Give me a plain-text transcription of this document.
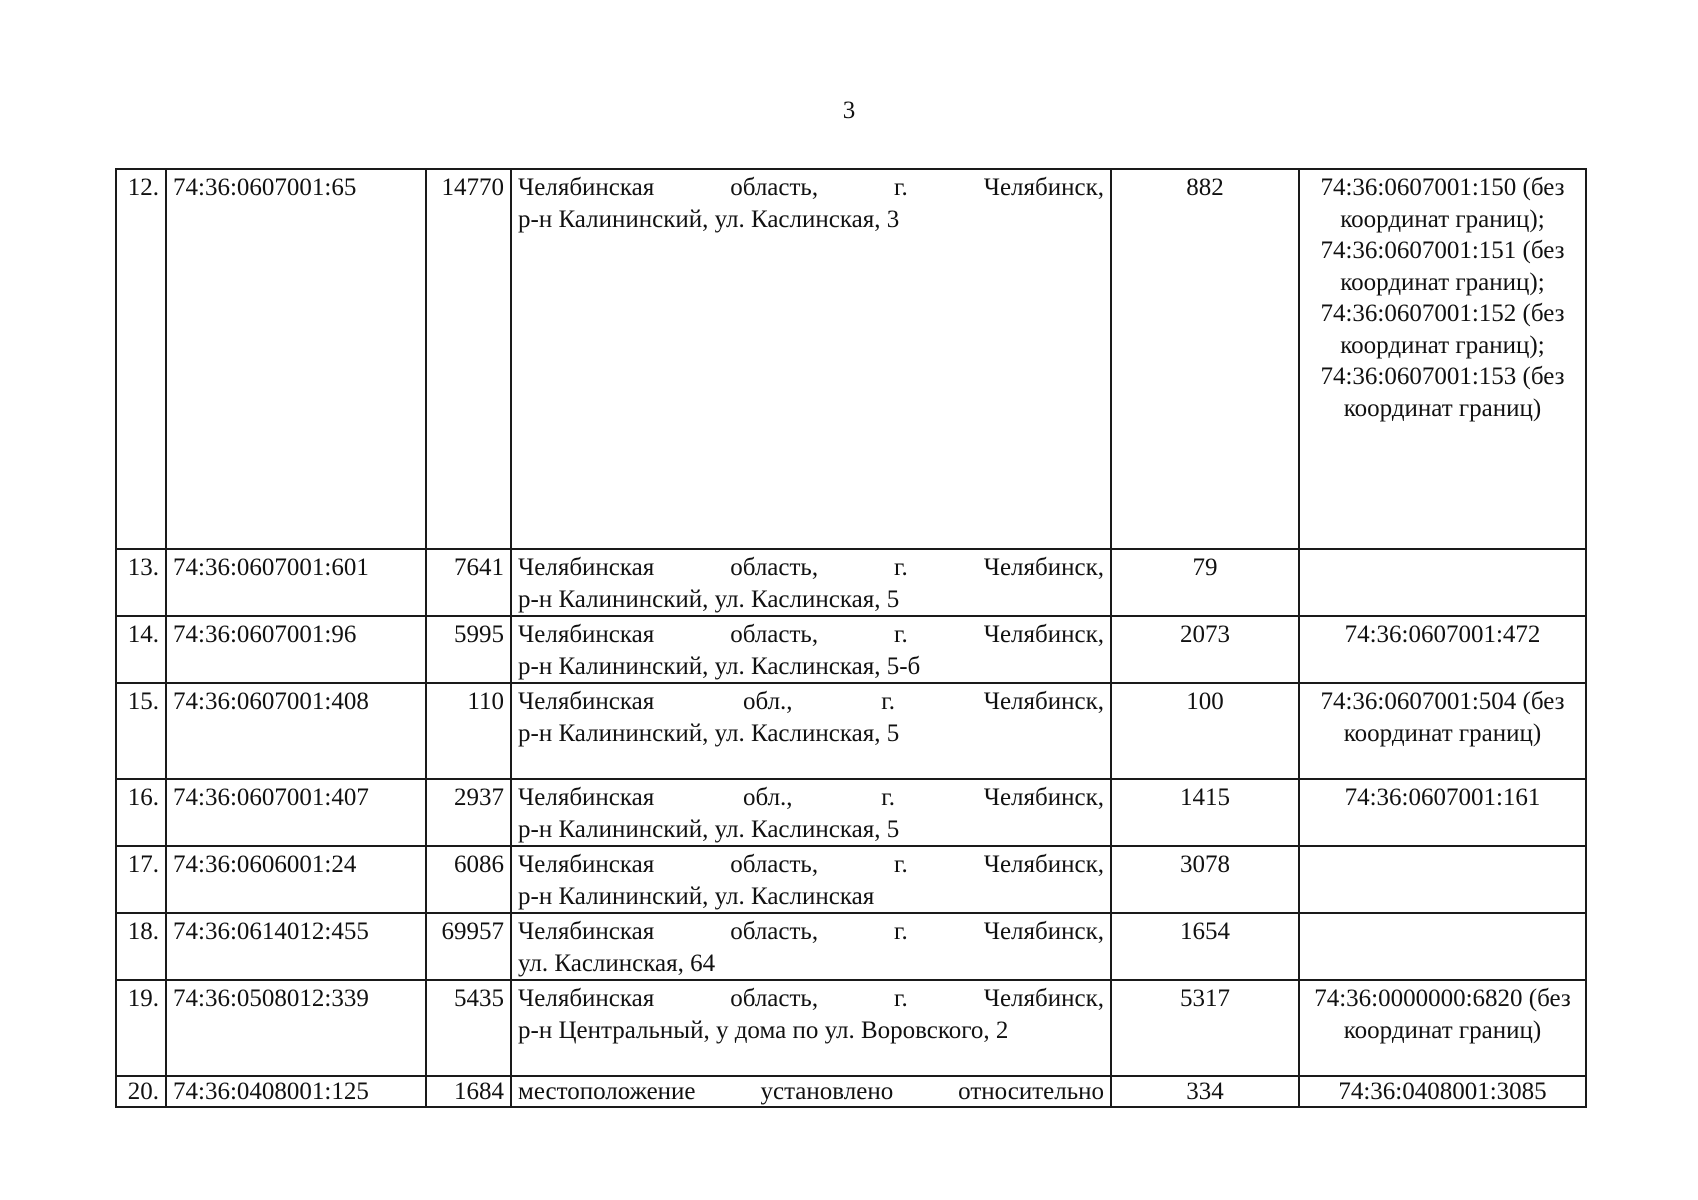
3
12.	74:36:0607001:65	14770	Челябинская область, г. Челябинск,
р-н Калининский, ул. Каслинская, 3	882	74:36:0607001:150 (без координат границ); 74:36:0607001:151 (без координат границ); 74:36:0607001:152 (без координат границ); 74:36:0607001:153 (без координат границ)
13.	74:36:0607001:601	7641	Челябинская область, г. Челябинск,
р-н Калининский, ул. Каслинская, 5	79	
14.	74:36:0607001:96	5995	Челябинская область, г. Челябинск,
р-н Калининский, ул. Каслинская, 5-б	2073	74:36:0607001:472
15.	74:36:0607001:408	110	Челябинская обл., г. Челябинск,
р-н Калининский, ул. Каслинская, 5	100	74:36:0607001:504 (без координат границ)
16.	74:36:0607001:407	2937	Челябинская обл., г. Челябинск,
р-н Калининский, ул. Каслинская, 5	1415	74:36:0607001:161
17.	74:36:0606001:24	6086	Челябинская область, г. Челябинск,
р-н Калининский, ул. Каслинская	3078	
18.	74:36:0614012:455	69957	Челябинская область, г. Челябинск,
ул. Каслинская, 64	1654	
19.	74:36:0508012:339	5435	Челябинская область, г. Челябинск,
р-н Центральный, у дома по ул. Воровского, 2	5317	74:36:0000000:6820 (без координат границ)
20.	74:36:0408001:125	1684	местоположение установлено относительно	334	74:36:0408001:3085
